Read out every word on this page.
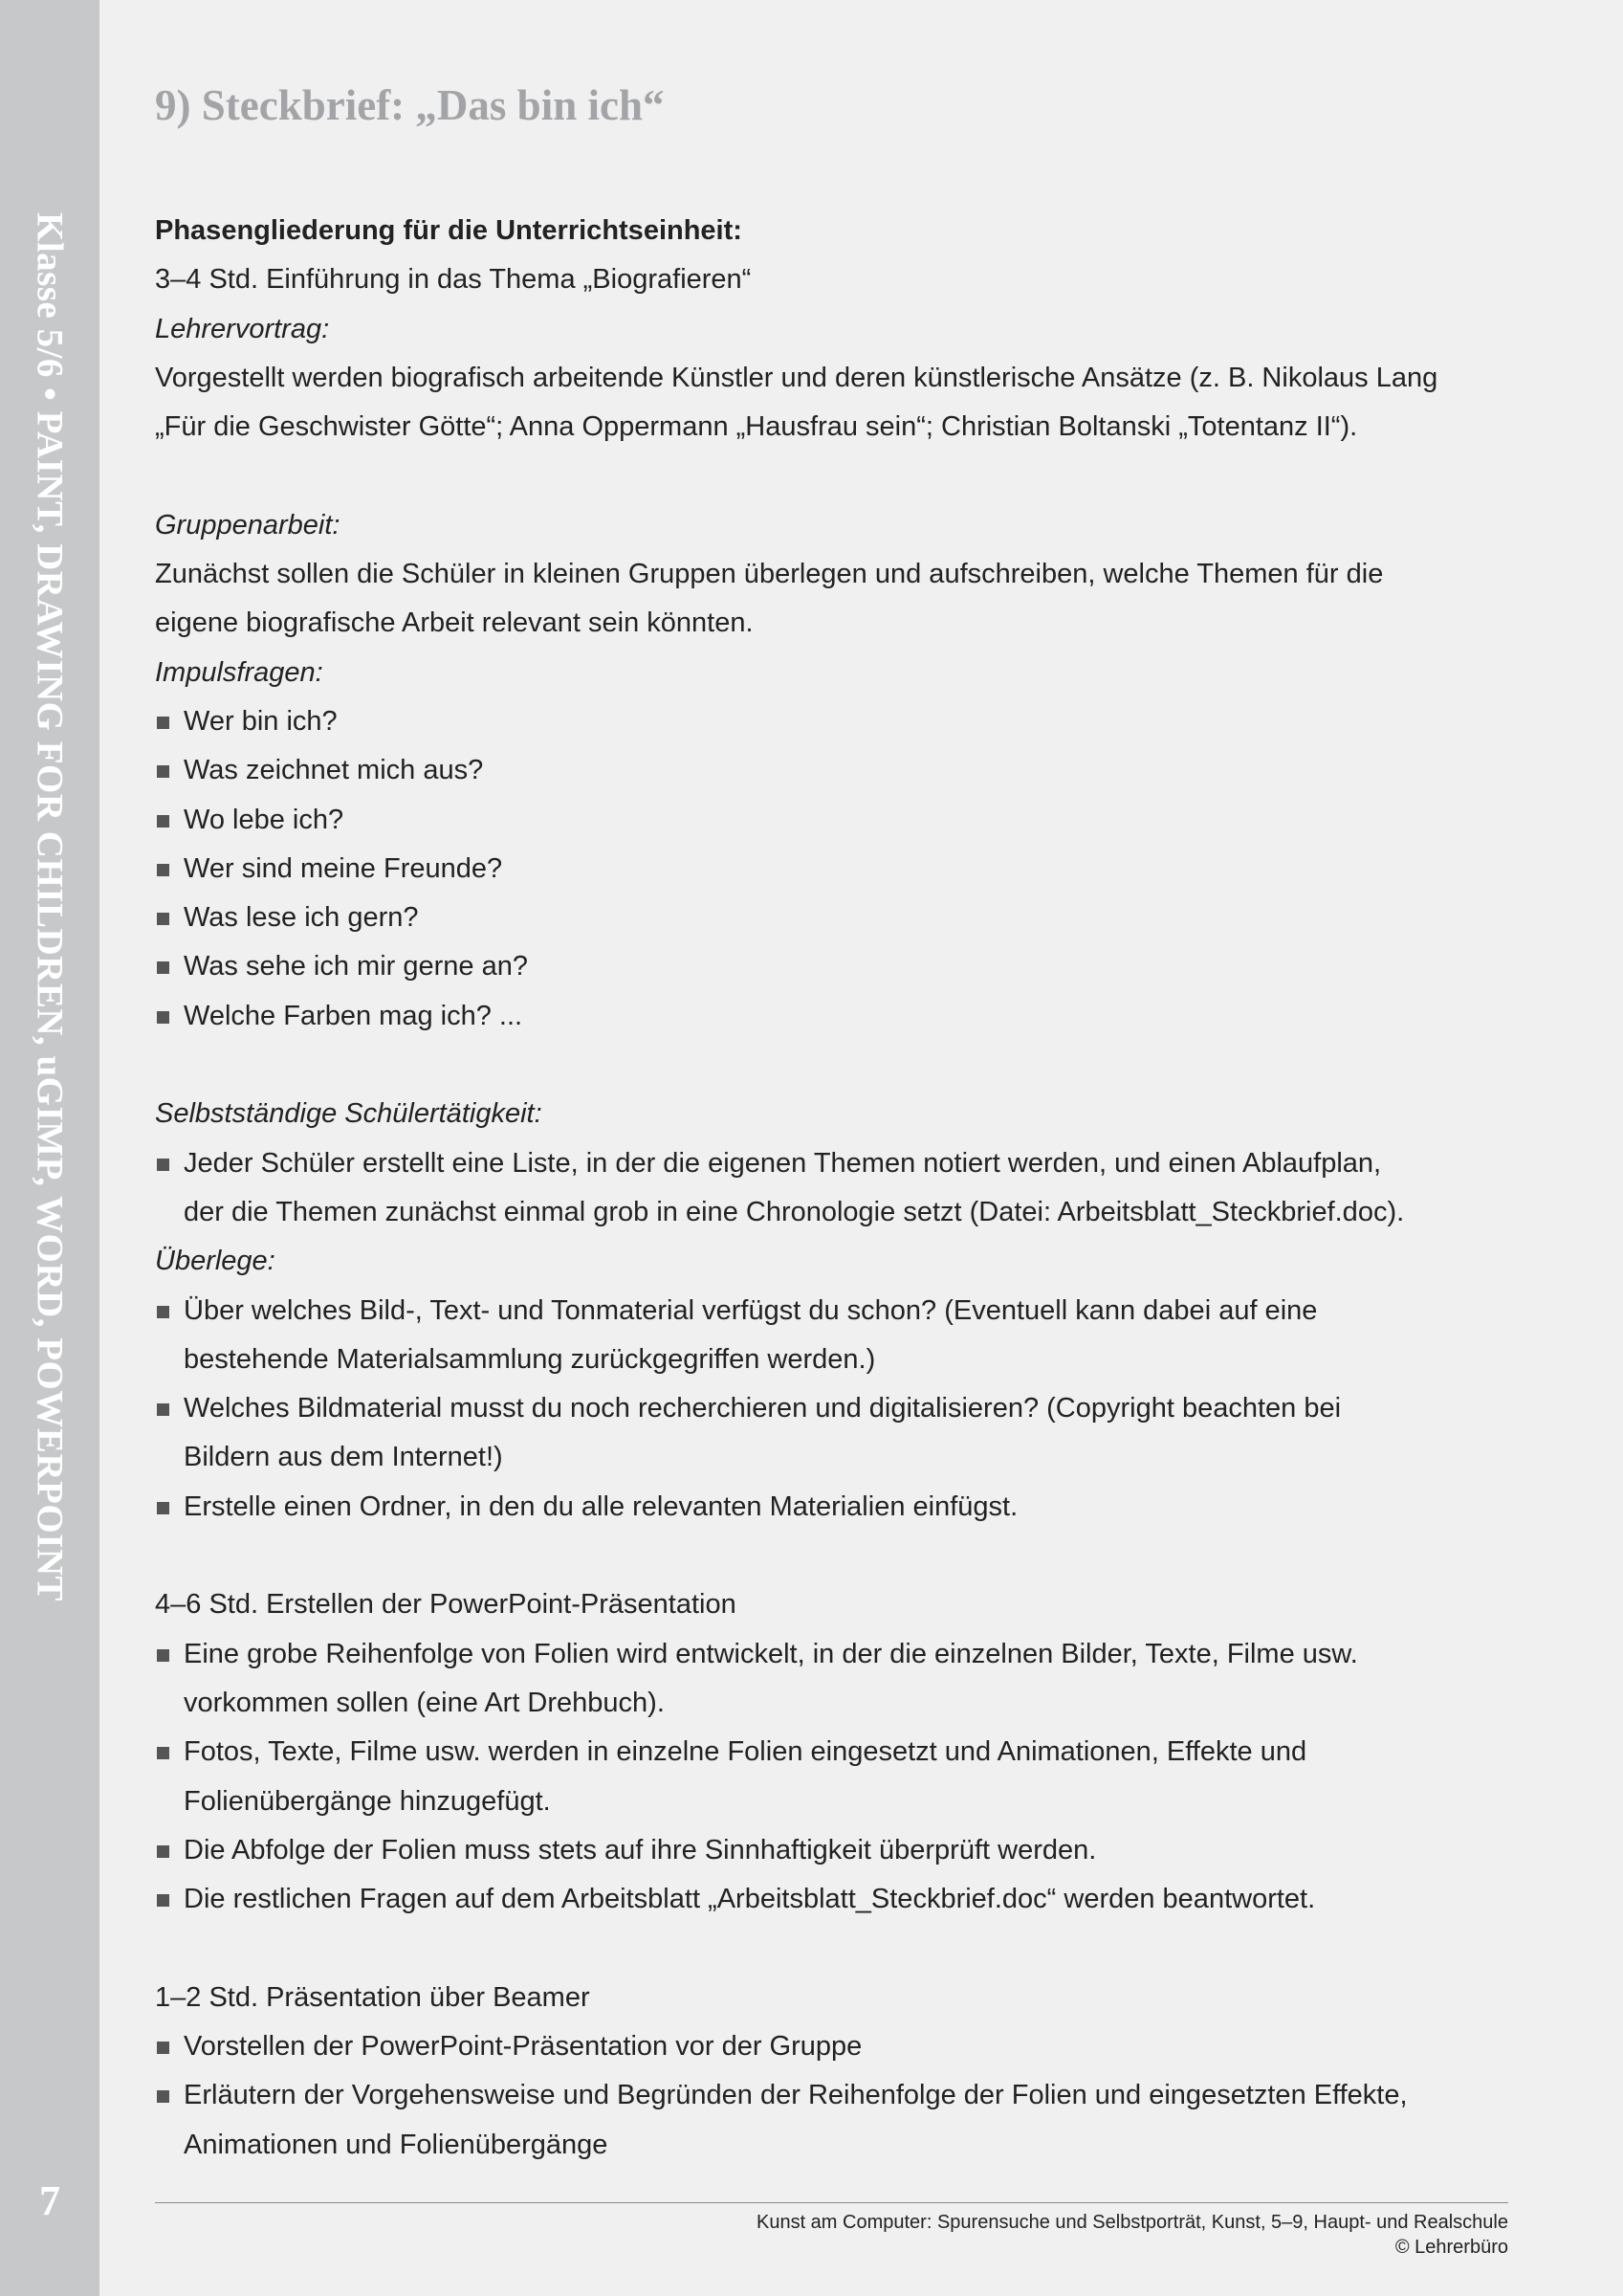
Klasse 5/6 • PAINT, DRAWING FOR CHILDREN, uGIMP, WORD, POWERPOINT
7
9) Steckbrief: „Das bin ich“
Phasengliederung für die Unterrichtseinheit:
3–4 Std. Einführung in das Thema „Biografieren“
Lehrervortrag:
Vorgestellt werden biografisch arbeitende Künstler und deren künstlerische Ansätze (z. B. Nikolaus Lang
„Für die Geschwister Götte“; Anna Oppermann „Hausfrau sein“; Christian Boltanski „Totentanz II“).
Gruppenarbeit:
Zunächst sollen die Schüler in kleinen Gruppen überlegen und aufschreiben, welche Themen für die
eigene biografische Arbeit relevant sein könnten.
Impulsfragen:
Wer bin ich?
Was zeichnet mich aus?
Wo lebe ich?
Wer sind meine Freunde?
Was lese ich gern?
Was sehe ich mir gerne an?
Welche Farben mag ich? ...
Selbstständige Schülertätigkeit:
Jeder Schüler erstellt eine Liste, in der die eigenen Themen notiert werden, und einen Ablaufplan,
der die Themen zunächst einmal grob in eine Chronologie setzt (Datei: Arbeitsblatt_Steckbrief.doc).
Überlege:
Über welches Bild-, Text- und Tonmaterial verfügst du schon? (Eventuell kann dabei auf eine
bestehende Materialsammlung zurückgegriffen werden.)
Welches Bildmaterial musst du noch recherchieren und digitalisieren? (Copyright beachten bei
Bildern aus dem Internet!)
Erstelle einen Ordner, in den du alle relevanten Materialien einfügst.
4–6 Std. Erstellen der PowerPoint-Präsentation
Eine grobe Reihenfolge von Folien wird entwickelt, in der die einzelnen Bilder, Texte, Filme usw.
vorkommen sollen (eine Art Drehbuch).
Fotos, Texte, Filme usw. werden in einzelne Folien eingesetzt und Animationen, Effekte und
Folienübergänge hinzugefügt.
Die Abfolge der Folien muss stets auf ihre Sinnhaftigkeit überprüft werden.
Die restlichen Fragen auf dem Arbeitsblatt „Arbeitsblatt_Steckbrief.doc“ werden beantwortet.
1–2 Std. Präsentation über Beamer
Vorstellen der PowerPoint-Präsentation vor der Gruppe
Erläutern der Vorgehensweise und Begründen der Reihenfolge der Folien und eingesetzten Effekte,
Animationen und Folienübergänge
Kunst am Computer: Spurensuche und Selbstporträt, Kunst, 5–9, Haupt- und Realschule
© Lehrerbüro
